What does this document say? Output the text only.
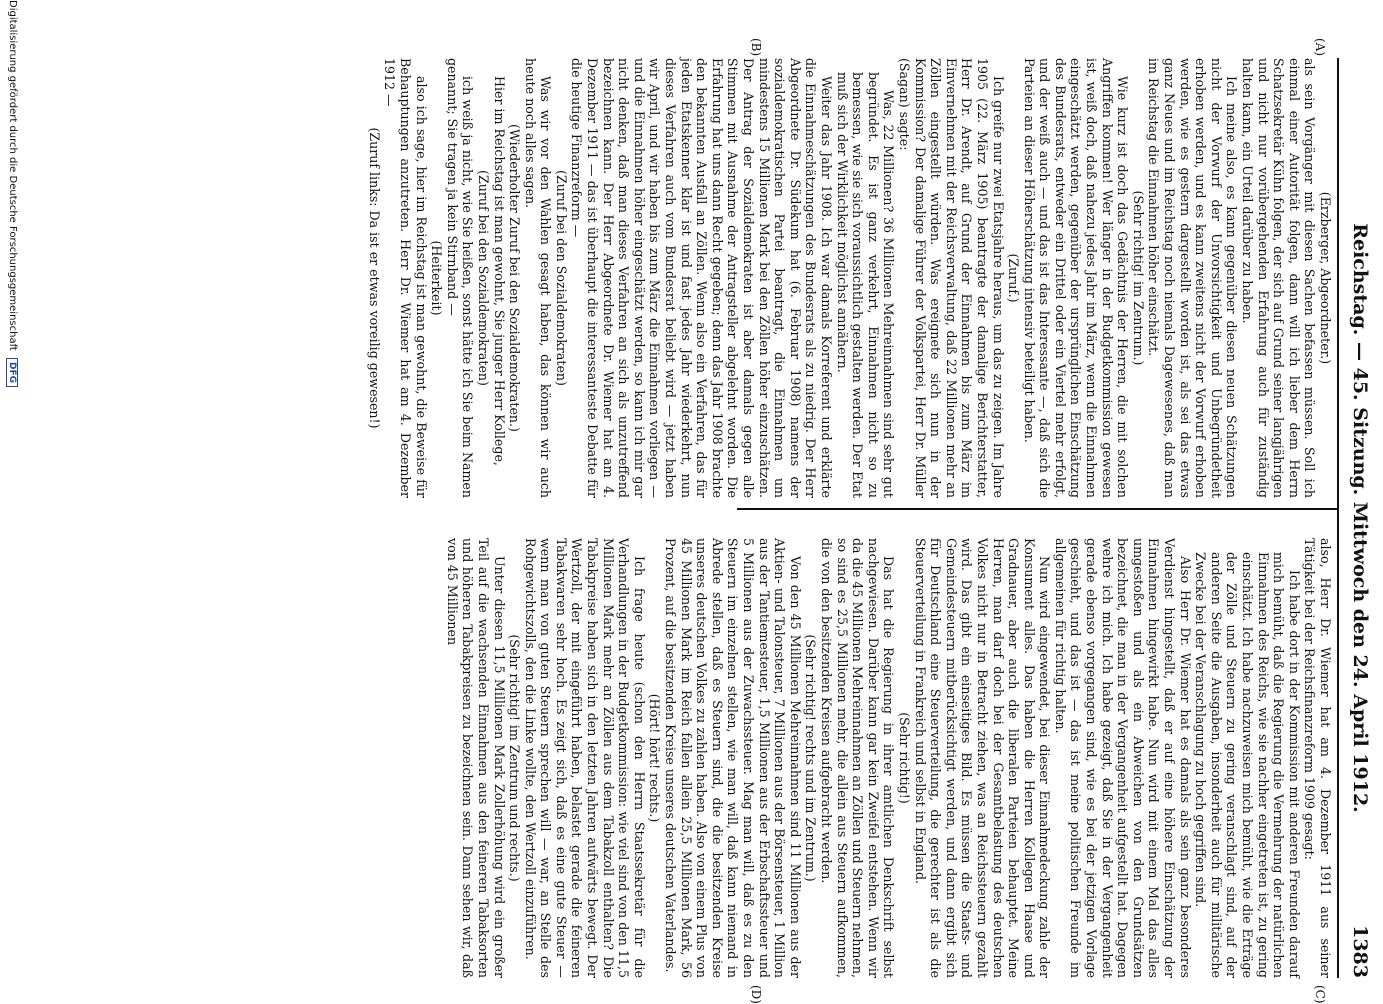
Reichstag. — 45. Sitzung. Mittwoch den 24. April 1912.
1383
(A)
(B)
(C)
(D)

(Erzberger, Abgeordneter.)

als sein Vorgänger mit diesen Sachen befassen müssen. Soll ich einmal einer Autorität folgen, dann will ich lieber dem Herrn Schatzsekretär Kühn folgen, der sich auf Grund seiner langjährigen und nicht nur vorübergehenden Erfahrung auch für zuständig halten kann, ein Urteil darüber zu haben.

Ich meine also, es kann gegenüber diesen neuen Schätzungen nicht der Vorwurf der Unvorsichtigkeit und Unbegründetheit erhoben werden, und es kann zweitens nicht der Vorwurf erhoben werden, wie es gestern dargestellt worden ist, als sei das etwas ganz Neues und im Reichstag noch niemals Dagewesenes, daß man im Reichstag die Einnahmen höher einschätzt.

(Sehr richtig! im Zentrum.)

Wie kurz ist doch das Gedächtnis der Herren, die mit solchen Angriffen kommen! Wer länger in der Budgetkommission gewesen ist, weiß doch, daß nahezu jedes Jahr im März, wenn die Einnahmen eingeschätzt werden, gegenüber der ursprünglichen Einschätzung des Bundesrats, entweder ein Drittel oder ein Viertel mehr erfolgt, und der weiß auch — und das ist das Interessante —, daß sich die Parteien an dieser Höherschätzung intensiv beteiligt haben.

(Zuruf.)

Ich greife nur zwei Etatsjahre heraus, um das zu zeigen. Im Jahre 1905 (22. März 1905) beantragte der damalige Berichterstatter, Herr Dr. Arendt, auf Grund der Einnahmen bis zum März im Einvernehmen mit der Reichsverwaltung, daß 22 Millionen mehr an Zöllen eingestellt würden. Was ereignete sich nun in der Kommission? Der damalige Führer der Volkspartei, Herr Dr. Müller (Sagan) sagte:

Was, 22 Millionen? 36 Millionen Mehreinnahmen sind sehr gut begründet. Es ist ganz verkehrt, Einnahmen nicht so zu bemessen, wie sie sich voraussichtlich gestalten werden. Der Etat muß sich der Wirklichkeit möglichst annähern.

Weiter das Jahr 1908. Ich war damals Korreferent und erklärte die Einnahmeschätzungen des Bundesrats als zu niedrig. Der Herr Abgeordnete Dr. Südekum hat (6. Februar 1908) namens der sozialdemokratischen Partei beantragt, die Einnahmen um mindestens 15 Millionen Mark bei den Zöllen höher einzuschätzen. Der Antrag der Sozialdemokraten ist aber damals gegen alle Stimmen mit Ausnahme der Antragsteller abgelehnt worden. Die Erfahrung hat uns dann Recht gegeben; denn das Jahr 1908 brachte den bekannten Ausfall an Zöllen. Wenn also ein Verfahren, das für jeden Etatskenner klar ist und fast jedes Jahr wiederkehrt, nun dieses Verfahren auch vom Bundesrat beliebt wird — jetzt haben wir April, und wir haben bis zum März die Einnahmen vorliegen — und die Einnahmen höher eingeschätzt werden, so kann ich mir gar nicht denken, daß man dieses Verfahren an sich als unzutreffend bezeichnen kann. Der Herr Abgeordnete Dr. Wiemer hat am 4. Dezember 1911 — das ist überhaupt die interessanteste Debatte für die heutige Finanzreform —

(Zuruf bei den Sozialdemokraten)

Was wir vor den Wahlen gesagt haben, das können wir auch heute noch alles sagen.

(Wiederholter Zuruf bei den Sozialdemokraten.)

Hier im Reichstag ist man gewohnt, Sie junger Herr Kollege,

(Zuruf bei den Sozialdemokraten)

ich weiß ja nicht, wie Sie heißen, sonst hätte ich Sie beim Namen genannt; Sie tragen ja kein Stirnband —

(Heiterkeit)

also ich sage, hier im Reichstag ist man gewohnt, die Beweise für Behauptungen anzutreten. Herr Dr. Wiemer hat am 4. Dezember 1912 —

(Zuruf links: Da ist er etwas voreilig gewesen!)

also, Herr Dr. Wiemer hat am 4. Dezember 1911 aus seiner Tätigkeit bei der Reichsfinanzreform 1909 gesagt:

Ich habe dort in der Kommission mit anderen Freunden darauf mich bemüht, daß die Regierung die Vermehrung der natürlichen Einnahmen des Reichs, wie sie nachher eingetreten ist, zu gering einschätzt. Ich habe nachzuweisen mich bemüht, wie die Erträge der Zölle und Steuern zu gering veranschlagt sind, auf der anderen Seite die Ausgaben, insonderheit auch für militärische Zwecke bei der Veranschlagung zu hoch gegriffen sind.

Also Herr Dr. Wiemer hat es damals als sein ganz besonderes Verdienst hingestellt, daß er auf eine höhere Einschätzung der Einnahmen hingewirkt habe. Nun wird mit einem Mal das alles umgestoßen und als ein Abweichen von den Grundsätzen bezeichnet, die man in der Vergangenheit aufgestellt hat. Dagegen wehre ich mich. Ich habe gezeigt, daß Sie in der Vergangenheit gerade ebenso vorgegangen sind, wie es bei der jetzigen Vorlage geschieht, und das ist — das ist meine politischen Freunde im allgemeinen für richtig halten.

Nun wird eingewendet, bei dieser Einnahmedeckung zahle der Konsument alles. Das haben die Herren Kollegen Haase und Gradnauer, aber auch die liberalen Parteien behauptet. Meine Herren, man darf doch bei der Gesamtbelastung des deutschen Volkes nicht nur in Betracht ziehen, was an Reichssteuern gezahlt wird. Das gibt ein einseitiges Bild. Es müssen die Staats- und Gemeindesteuern mitberücksichtigt werden, und dann ergibt sich für Deutschland eine Steuerverteilung, die gerechter ist als die Steuerverteilung in Frankreich und selbst in England.

(Sehr richtig!)

Das hat die Regierung in ihrer amtlichen Denkschrift selbst nachgewiesen. Darüber kann gar kein Zweifel entstehen. Wenn wir da die 45 Millionen Mehreinnahmen an Zöllen und Steuern nehmen, so sind es 25,5 Millionen mehr, die allein aus Steuern aufkommen, die von den besitzenden Kreisen aufgebracht werden.

(Sehr richtig! rechts und im Zentrum.)

Von den 45 Millionen Mehreinnahmen sind 11 Millionen aus der Aktien- und Talonsteuer, 7 Millionen aus der Börsensteuer, 1 Million aus der Tantiemesteuer, 1,5 Millionen aus der Erbschaftssteuer und 5 Millionen aus der Zuwachssteuer. Mag man will, daß es zu den Steuern im einzelnen stellen, wie man will, daß kann niemand in Abrede stellen, daß es Steuern sind, die die besitzenden Kreise unseres deutschen Volkes zu zahlen haben. Also von einem Plus von 45 Millionen Mark im Reich fallen allein 25,5 Millionen Mark, 56 Prozent, auf die besitzenden Kreise unseres deutschen Vaterlandes.

(Hört! hört! rechts.)

Ich frage heute (schon den Herrn Staatssekretär für die Verhandlungen in der Budgetkommission: wie viel sind von den 11,5 Millionen Mark mehr an Zöllen aus dem Tabakzoll enthalten? Die Tabakpreise haben sich in den letzten Jahren aufwärts bewegt. Der Wertzoll, der mit eingeführt haben, belastet gerade die feineren Tabakwaren sehr hoch. Es zeigt sich, daß es eine gute Steuer — wenn man von guten Steuern sprechen will — war, an Stelle des Rohgewichtszolls, den die Linke wollte, den Wertzoll einzuführen.

(Sehr richtig! im Zentrum und rechts.)

Unter diesen 11,5 Millionen Mark Zollerhöhung wird ein großer Teil auf die wachsenden Einnahmen aus den feineren Tabaksorten und höheren Tabakpreisen zu bezeichnen sein. Dann sehen wir, daß von 45 Millionen

Digitalisierung gefördert durch die Deutsche Forschungsgemeinschaft DFG
